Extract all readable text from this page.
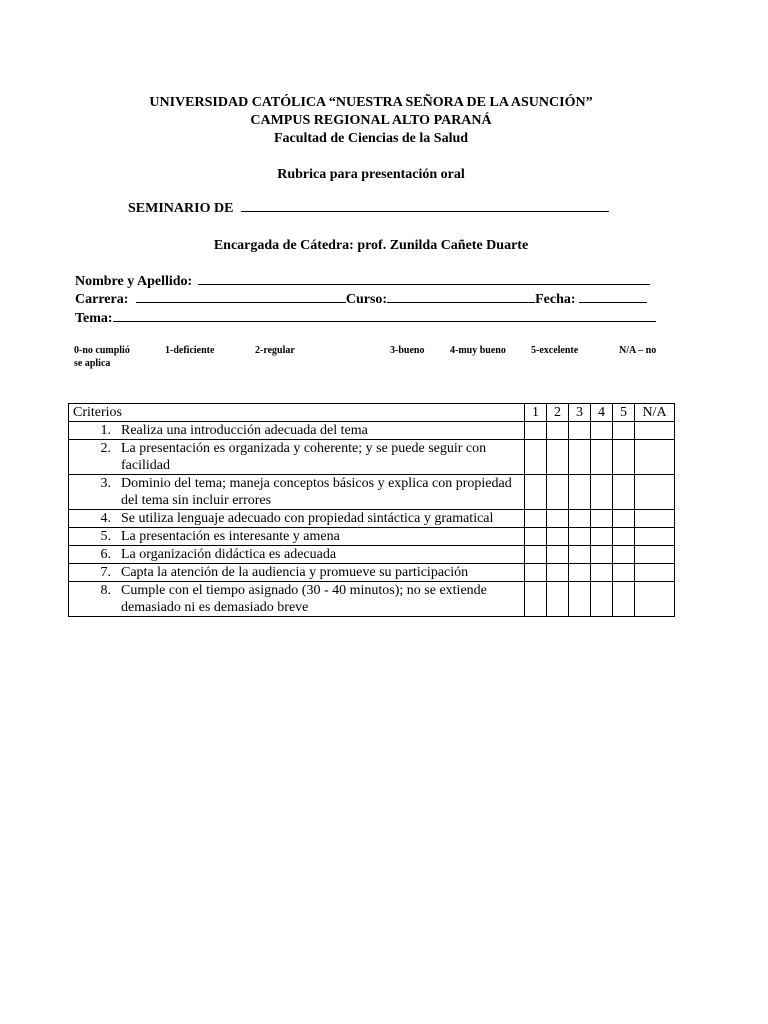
UNIVERSIDAD CATÓLICA “NUESTRA SEÑORA DE LA ASUNCIÓN”
CAMPUS REGIONAL ALTO PARANÁ
Facultad de Ciencias de la Salud
Rubrica para presentación oral
SEMINARIO DE
Encargada de Cátedra: prof. Zunilda Cañete Duarte
Nombre y Apellido:
Carrera:	Curso:	Fecha:
Tema:
0-no cumplió
se aplica
1-deficiente	2-regular	3-bueno	4-muy bueno	5-excelente	N/A – no
Criterios	1	2	3	4	5	N/A

1. Realiza una introducción adecuada del tema						

2. La presentación es organizada y coherente; y se puede seguir con facilidad						

3. Dominio del tema; maneja conceptos básicos y explica con propiedad del tema sin incluir errores						

4. Se utiliza lenguaje adecuado con propiedad sintáctica y gramatical						

5. La presentación es interesante y amena						

6. La organización didáctica es adecuada						

7. Capta la atención de la audiencia y promueve su participación						

8. Cumple con el tiempo asignado (30 - 40 minutos); no se extiende demasiado ni es demasiado breve						
